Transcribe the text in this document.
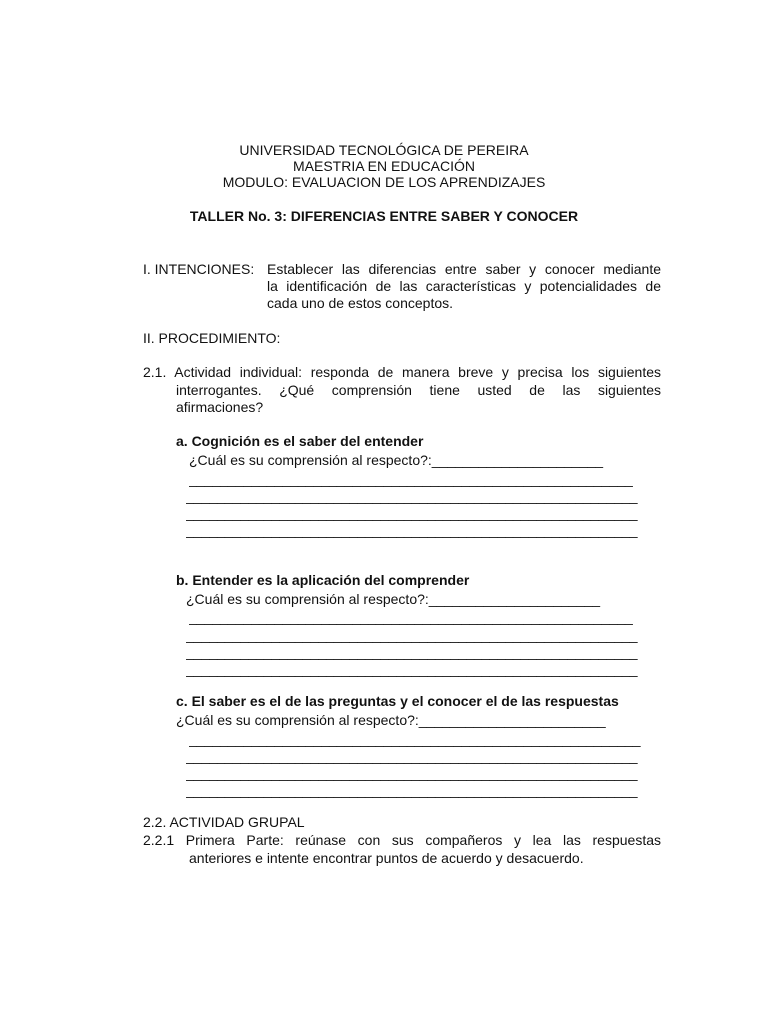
UNIVERSIDAD TECNOLÓGICA DE PEREIRA
MAESTRIA EN EDUCACIÓN
MODULO: EVALUACION DE LOS APRENDIZAJES
TALLER No. 3: DIFERENCIAS ENTRE SABER Y CONOCER
I. INTENCIONES: Establecer las diferencias entre saber y conocer mediante
la identificación de las características y potencialidades de
cada uno de estos conceptos.
II. PROCEDIMIENTO:
2.1. Actividad individual: responda de manera breve y precisa los siguientes
interrogantes. ¿Qué comprensión tiene usted de las siguientes
afirmaciones?
a. Cognición es el saber del entender
¿Cuál es su comprensión al respecto?:______________________
_________________________________________________________
__________________________________________________________
__________________________________________________________
__________________________________________________________
b. Entender es la aplicación del comprender
¿Cuál es su comprensión al respecto?:______________________
_________________________________________________________
__________________________________________________________
__________________________________________________________
__________________________________________________________
c. El saber es el de las preguntas y el conocer el de las respuestas
¿Cuál es su comprensión al respecto?:________________________
__________________________________________________________
__________________________________________________________
__________________________________________________________
__________________________________________________________
2.2. ACTIVIDAD GRUPAL
2.2.1 Primera Parte: reúnase con sus compañeros y lea las respuestas
anteriores e intente encontrar puntos de acuerdo y desacuerdo.
